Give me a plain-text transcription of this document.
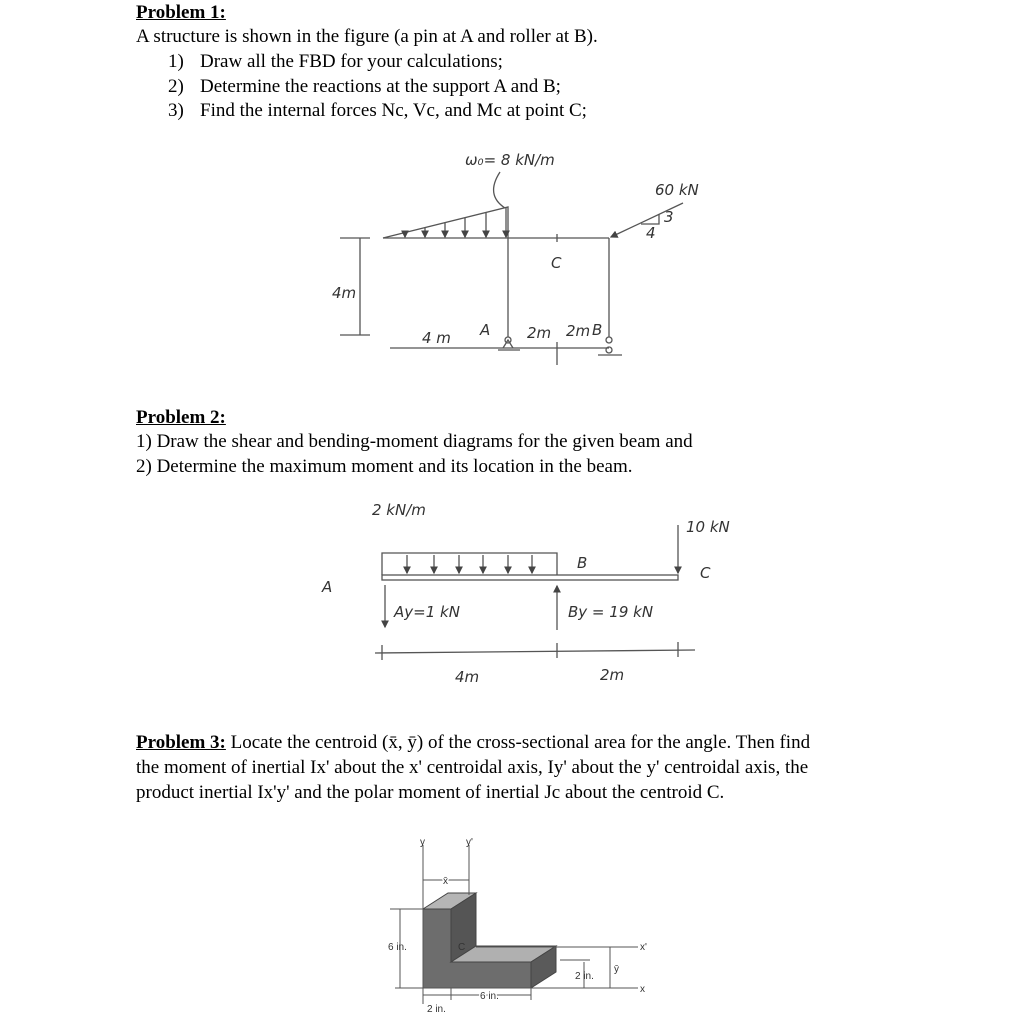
Problem 1:
A structure is shown in the figure (a pin at A and roller at B).
1) Draw all the FBD for your calculations;
2) Determine the reactions at the support A and B;
3) Find the internal forces Nc, Vc, and Mc at point C;
Problem 2:
1) Draw the shear and bending-moment diagrams for the given beam and
2) Determine the maximum moment and its location in the beam.
Problem 3: Locate the centroid (x̄, ȳ) of the cross-sectional area for the angle. Then find
the moment of inertial Ix' about the x' centroidal axis, Iy' about the y' centroidal axis, the
product inertial Ix'y' and the polar moment of inertial Jc about the centroid C.
ω₀= 8 kN/m
60 kN
3
4
4m
4 m A 2m 2m B
C
2 kN/m
10 kN
C
B
A
Ay=1 kN	By = 19 kN
4m	2m
y	y'
x̄
6 in.	C
2 in.
ȳ
x'
x
6 in.
2 in.
